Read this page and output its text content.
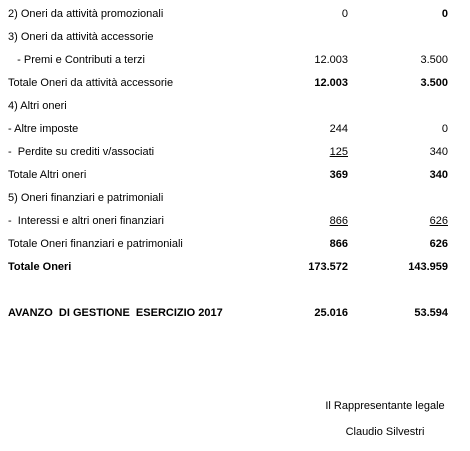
2) Oneri da attività promozionali	0	0
3) Oneri da attività accessorie
- Premi e Contributi a terzi	12.003	3.500
Totale Oneri da attività accessorie	12.003	3.500
4) Altri oneri
- Altre imposte	244	0
-  Perdite su crediti v/associati	125	340
Totale Altri oneri	369	340
5) Oneri finanziari e patrimoniali
-  Interessi e altri oneri finanziari	866	626
Totale Oneri finanziari e patrimoniali	866	626
Totale Oneri	173.572	143.959
AVANZO  DI GESTIONE  ESERCIZIO 2017	25.016	53.594
Il Rappresentante legale
Claudio Silvestri
